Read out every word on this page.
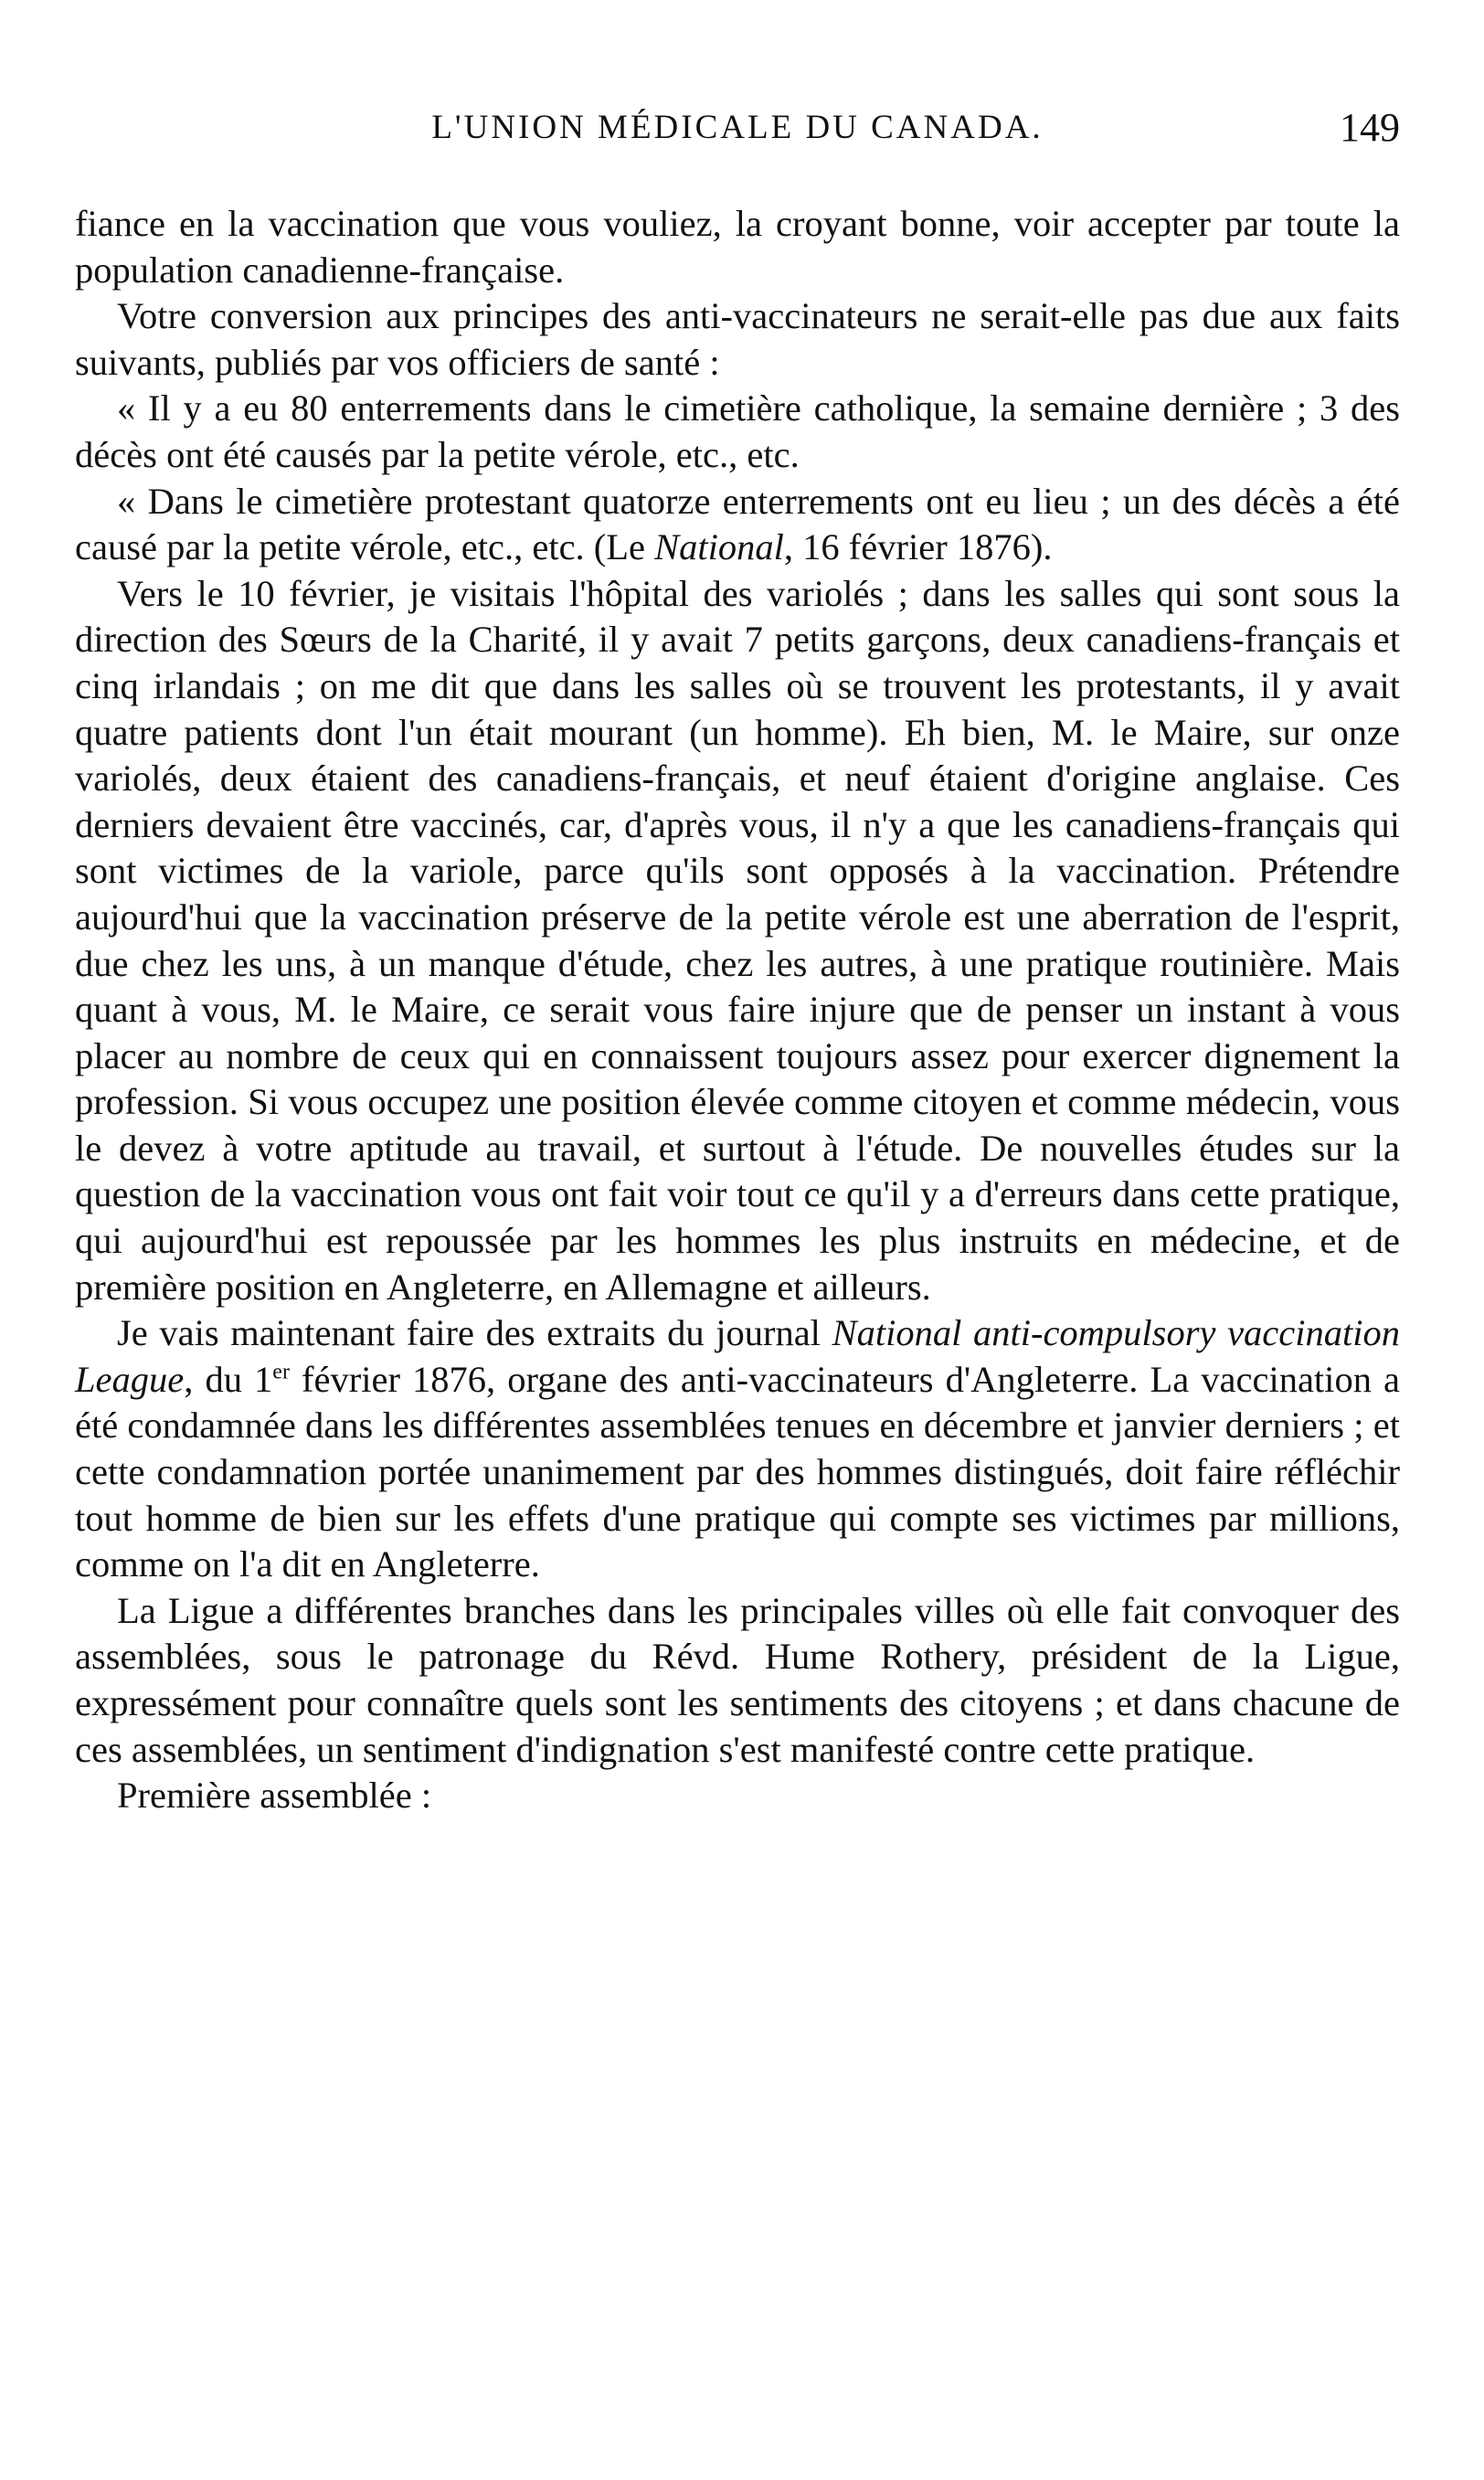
L'UNION MÉDICALE DU CANADA.	149

fiance en la vaccination que vous vouliez, la croyant bonne, voir accepter par toute la population canadienne-française.

Votre conversion aux principes des anti-vaccinateurs ne serait-elle pas due aux faits suivants, publiés par vos officiers de santé :

« Il y a eu 80 enterrements dans le cimetière catholique, la semaine dernière ; 3 des décès ont été causés par la petite vérole, etc., etc.

« Dans le cimetière protestant quatorze enterrements ont eu lieu ; un des décès a été causé par la petite vérole, etc., etc. (Le National, 16 février 1876).

Vers le 10 février, je visitais l'hôpital des variolés ; dans les salles qui sont sous la direction des Sœurs de la Charité, il y avait 7 petits garçons, deux canadiens-français et cinq irlandais ; on me dit que dans les salles où se trouvent les protestants, il y avait quatre patients dont l'un était mourant (un homme). Eh bien, M. le Maire, sur onze variolés, deux étaient des canadiens-français, et neuf étaient d'origine anglaise. Ces derniers devaient être vaccinés, car, d'après vous, il n'y a que les canadiens-français qui sont victimes de la variole, parce qu'ils sont opposés à la vaccination. Prétendre aujourd'hui que la vaccination préserve de la petite vérole est une aberration de l'esprit, due chez les uns, à un manque d'étude, chez les autres, à une pratique routinière. Mais quant à vous, M. le Maire, ce serait vous faire injure que de penser un instant à vous placer au nombre de ceux qui en connaissent toujours assez pour exercer dignement la profession. Si vous occupez une position élevée comme citoyen et comme médecin, vous le devez à votre aptitude au travail, et surtout à l'étude. De nouvelles études sur la question de la vaccination vous ont fait voir tout ce qu'il y a d'erreurs dans cette pratique, qui aujourd'hui est repoussée par les hommes les plus instruits en médecine, et de première position en Angleterre, en Allemagne et ailleurs.

Je vais maintenant faire des extraits du journal National anti-compulsory vaccination League, du 1er février 1876, organe des anti-vaccinateurs d'Angleterre. La vaccination a été condamnée dans les différentes assemblées tenues en décembre et janvier derniers ; et cette condamnation portée unanimement par des hommes distingués, doit faire réfléchir tout homme de bien sur les effets d'une pratique qui compte ses victimes par millions, comme on l'a dit en Angleterre.

La Ligue a différentes branches dans les principales villes où elle fait convoquer des assemblées, sous le patronage du Révd. Hume Rothery, président de la Ligue, expressément pour connaître quels sont les sentiments des citoyens ; et dans chacune de ces assemblées, un sentiment d'indignation s'est manifesté contre cette pratique.

Première assemblée :
